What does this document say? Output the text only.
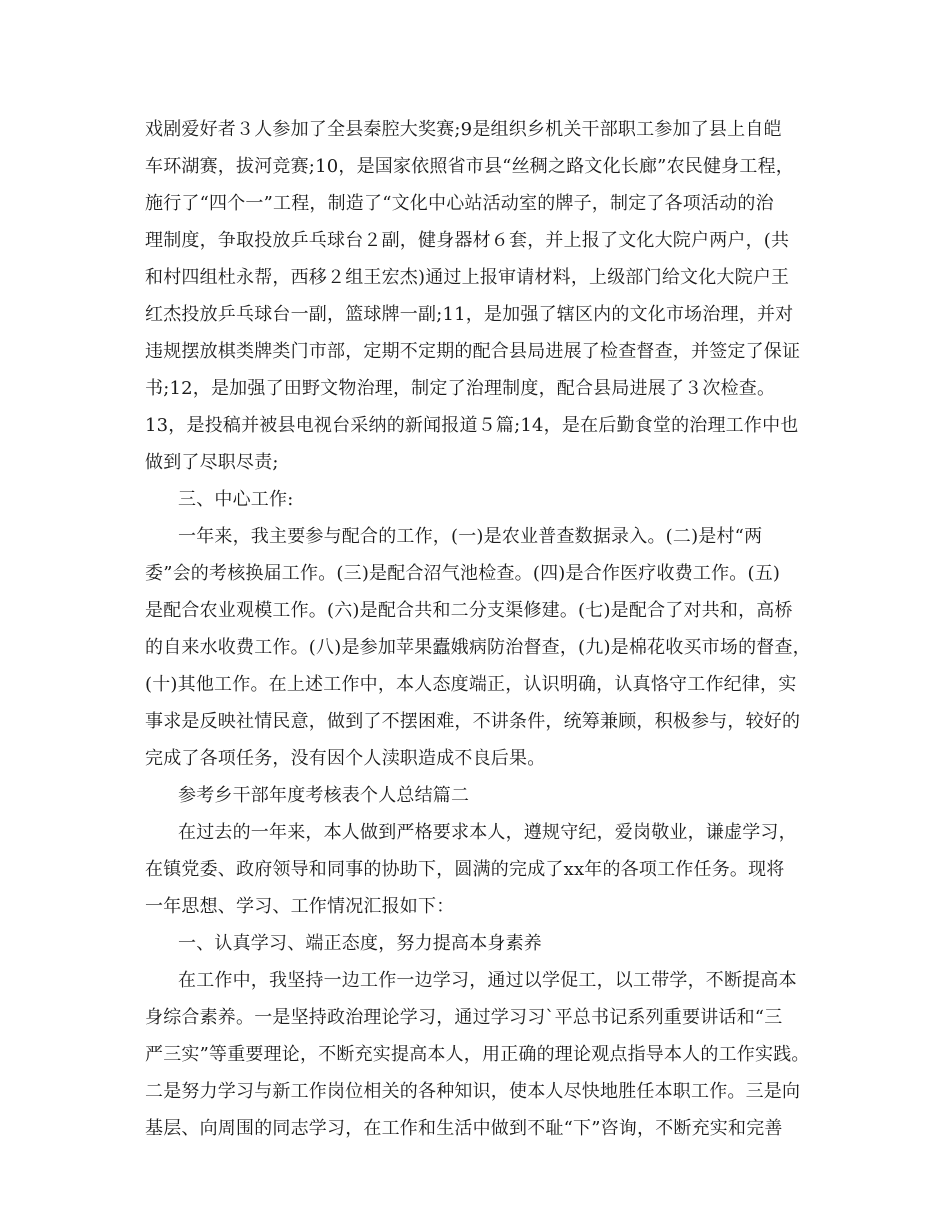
戏剧爱好者３人参加了全县秦腔大奖赛;9是组织乡机关干部职工参加了县上自皑
车环湖赛，拔河竞赛;10，是国家依照省市县“丝稠之路文化长廊”农民健身工程，
施行了“四个一”工程，制造了“文化中心站活动室的牌子，制定了各项活动的治
理制度，争取投放乒乓球台２副，健身器材６套，并上报了文化大院户两户，(共
和村四组杜永帮，西移２组王宏杰)通过上报审请材料，上级部门给文化大院户王
红杰投放乒乓球台一副，篮球牌一副;11，是加强了辖区内的文化市场治理，并对
违规摆放棋类牌类门市部，定期不定期的配合县局进展了检查督查，并签定了保证
书;12，是加强了田野文物治理，制定了治理制度，配合县局进展了３次检查。
13，是投稿并被县电视台采纳的新闻报道５篇;14，是在后勤食堂的治理工作中也
做到了尽职尽责;
三、中心工作:
一年来，我主要参与配合的工作，(一)是农业普查数据录入。(二)是村“两
委”会的考核换届工作。(三)是配合沼气池检查。(四)是合作医疗收费工作。(五)
是配合农业观模工作。(六)是配合共和二分支渠修建。(七)是配合了对共和，高桥
的自来水收费工作。(八)是参加苹果蠹娥病防治督查，(九)是棉花收买市场的督查，
(十)其他工作。在上述工作中，本人态度端正，认识明确，认真恪守工作纪律，实
事求是反映社情民意，做到了不摆困难，不讲条件，统筹兼顾，积极参与，较好的
完成了各项任务，没有因个人渎职造成不良后果。
参考乡干部年度考核表个人总结篇二
在过去的一年来，本人做到严格要求本人，遵规守纪，爱岗敬业，谦虚学习，
在镇党委、政府领导和同事的协助下，圆满的完成了xx年的各项工作任务。现将
一年思想、学习、工作情况汇报如下：
一、认真学习、端正态度，努力提高本身素养
在工作中，我坚持一边工作一边学习，通过以学促工，以工带学，不断提高本
身综合素养。一是坚持政治理论学习，通过学习习`平总书记系列重要讲话和“三
严三实”等重要理论，不断充实提高本人，用正确的理论观点指导本人的工作实践。
二是努力学习与新工作岗位相关的各种知识，使本人尽快地胜任本职工作。三是向
基层、向周围的同志学习，在工作和生活中做到不耻“下”咨询，不断充实和完善
